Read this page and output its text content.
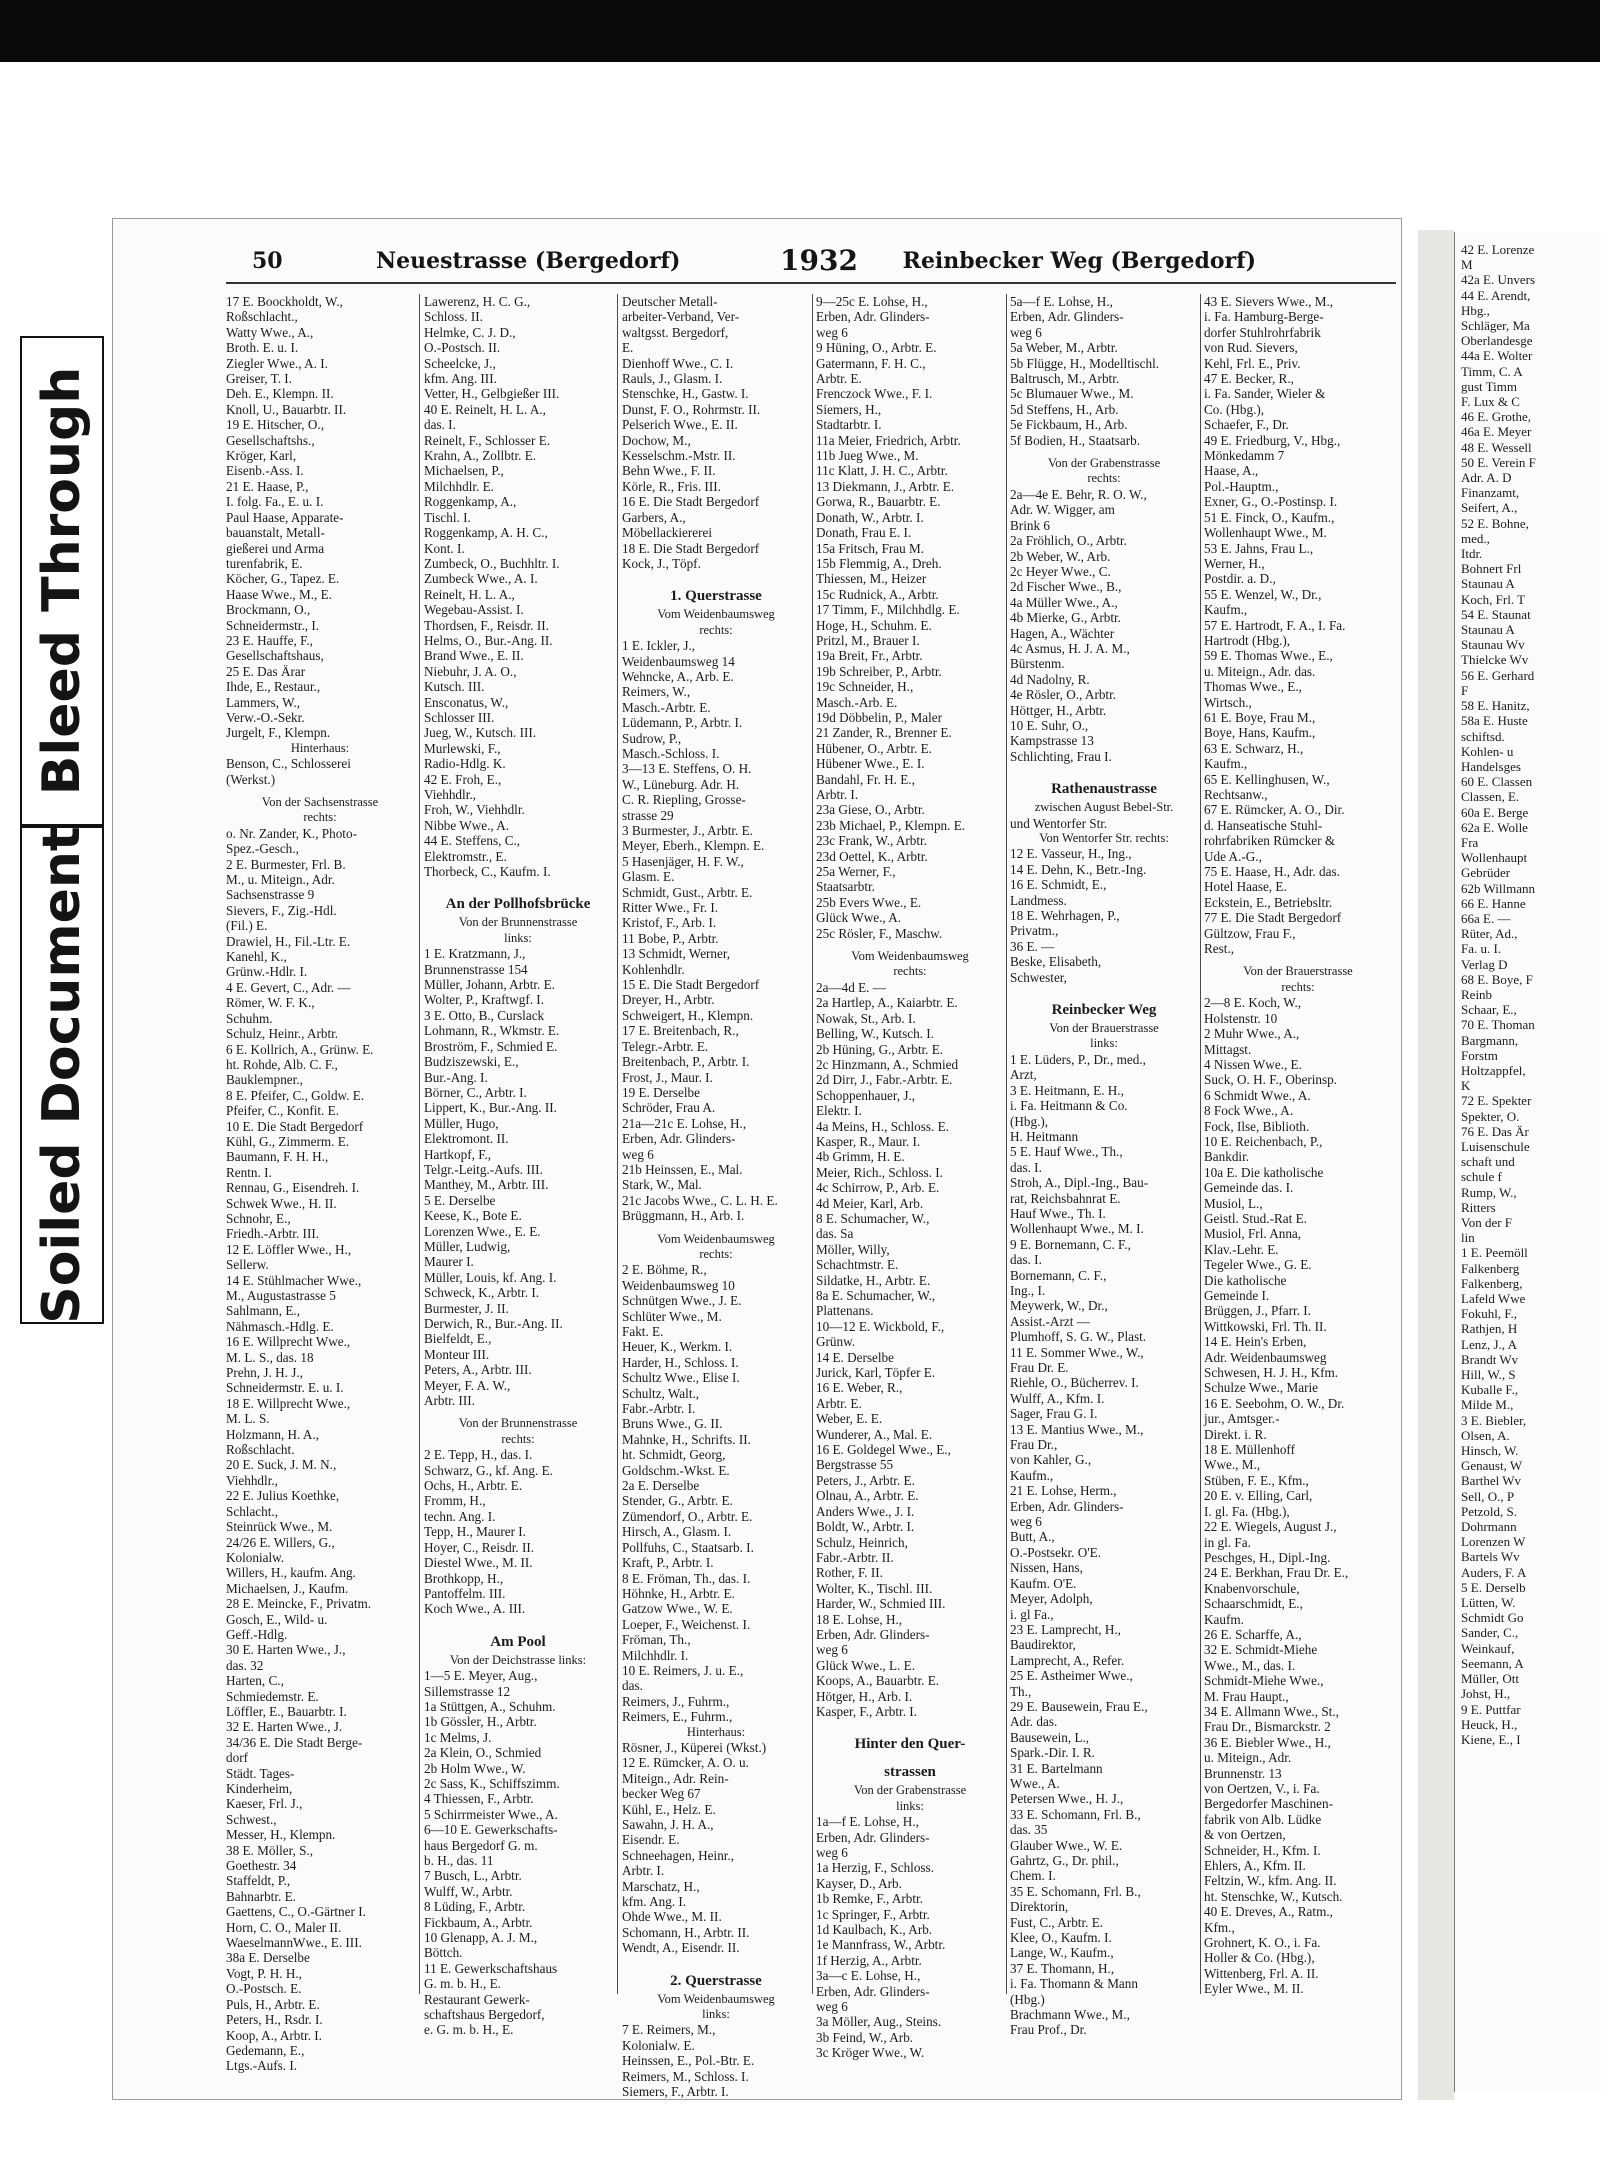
Bleed Through
Soiled Document
50	Neuestrasse (Bergedorf)	1932 Reinbecker Weg (Bergedorf)
17 E. Boockholdt, W.,
Roßschlacht.,
Watty Wwe., A.,
Broth. E. u. I.
Ziegler Wwe., A. I.
Greiser, T. I.
Deh. E., Klempn. II.
Knoll, U., Bauarbtr. II.
19 E. Hitscher, O.,
Gesellschaftshs.,
Kröger, Karl,
Eisenb.-Ass. I.
21 E. Haase, P.,
I. folg. Fa., E. u. I.
Paul Haase, Apparate-
bauanstalt, Metall-
gießerei und Arma
turenfabrik, E.
Köcher, G., Tapez. E.
Haase Wwe., M., E.
Brockmann, O.,
Schneidermstr., I.
23 E. Hauffe, F.,
Gesellschaftshaus,
25 E. Das Ärar
Ihde, E., Restaur.,
Lammers, W.,
Verw.-O.-Sekr.
Jurgelt, F., Klempn.
Hinterhaus:
Benson, C., Schlosserei
(Werkst.)
Von der Sachsenstrasse
rechts:
o. Nr. Zander, K., Photo-
Spez.-Gesch.,
2 E. Burmester, Frl. B.
M., u. Miteign., Adr.
Sachsenstrasse 9
Sievers, F., Zig.-Hdl.
(Fil.) E.
Drawiel, H., Fil.-Ltr. E.
Kanehl, K.,
Grünw.-Hdlr. I.
4 E. Gevert, C., Adr. —
Römer, W. F. K.,
Schuhm.
Schulz, Heinr., Arbtr.
6 E. Kollrich, A., Grünw. E.
ht. Rohde, Alb. C. F.,
Bauklempner.,
8 E. Pfeifer, C., Goldw. E.
Pfeifer, C., Konfit. E.
10 E. Die Stadt Bergedorf
Kühl, G., Zimmerm. E.
Baumann, F. H. H.,
Rentn. I.
Rennau, G., Eisendreh. I.
Schwek Wwe., H. II.
Schnohr, E.,
Friedh.-Arbtr. III.
12 E. Löffler Wwe., H.,
Sellerw.
14 E. Stühlmacher Wwe.,
M., Augustastrasse 5
Sahlmann, E.,
Nähmasch.-Hdlg. E.
16 E. Willprecht Wwe.,
M. L. S., das. 18
Prehn, J. H. J.,
Schneidermstr. E. u. I.
18 E. Willprecht Wwe.,
M. L. S.
Holzmann, H. A.,
Roßschlacht.
20 E. Suck, J. M. N.,
Viehhdlr.,
22 E. Julius Koethke,
Schlacht.,
Steinrück Wwe., M.
24/26 E. Willers, G.,
Kolonialw.
Willers, H., kaufm. Ang.
Michaelsen, J., Kaufm.
28 E. Meincke, F., Privatm.
Gosch, E., Wild- u.
Geff.-Hdlg.
30 E. Harten Wwe., J.,
das. 32
Harten, C.,
Schmiedemstr. E.
Löffler, E., Bauarbtr. I.
32 E. Harten Wwe., J.
34/36 E. Die Stadt Berge-
dorf
Städt. Tages-
Kinderheim,
Kaeser, Frl. J.,
Schwest.,
Messer, H., Klempn.
38 E. Möller, S.,
Goethestr. 34
Staffeldt, P.,
Bahnarbtr. E.
Gaettens, C., O.-Gärtner I.
Horn, C. O., Maler II.
WaeselmannWwe., E. III.
38a E. Derselbe
Vogt, P. H. H.,
O.-Postsch. E.
Puls, H., Arbtr. E.
Peters, H., Rsdr. I.
Koop, A., Arbtr. I.
Gedemann, E.,
Ltgs.-Aufs. I.
Lawerenz, H. C. G.,
Schloss. II.
Helmke, C. J. D.,
O.-Postsch. II.
Scheelcke, J.,
kfm. Ang. III.
Vetter, H., Gelbgießer III.
40 E. Reinelt, H. L. A.,
das. I.
Reinelt, F., Schlosser E.
Krahn, A., Zollbtr. E.
Michaelsen, P.,
Milchhdlr. E.
Roggenkamp, A.,
Tischl. I.
Roggenkamp, A. H. C.,
Kont. I.
Zumbeck, O., Buchhltr. I.
Zumbeck Wwe., A. I.
Reinelt, H. L. A.,
Wegebau-Assist. I.
Thordsen, F., Reisdr. II.
Helms, O., Bur.-Ang. II.
Brand Wwe., E. II.
Niebuhr, J. A. O.,
Kutsch. III.
Ensconatus, W.,
Schlosser III.
Jueg, W., Kutsch. III.
Murlewski, F.,
Radio-Hdlg. K.
42 E. Froh, E.,
Viehhdlr.,
Froh, W., Viehhdlr.
Nibbe Wwe., A.
44 E. Steffens, C.,
Elektromstr., E.
Thorbeck, C., Kaufm. I.
An der Pollhofsbrücke
Von der Brunnenstrasse
links:
1 E. Kratzmann, J.,
Brunnenstrasse 154
Müller, Johann, Arbtr. E.
Wolter, P., Kraftwgf. I.
3 E. Otto, B., Curslack
Lohmann, R., Wkmstr. E.
Broström, F., Schmied E.
Budziszewski, E.,
Bur.-Ang. I.
Börner, C., Arbtr. I.
Lippert, K., Bur.-Ang. II.
Müller, Hugo,
Elektromont. II.
Hartkopf, F.,
Telgr.-Leitg.-Aufs. III.
Manthey, M., Arbtr. III.
5 E. Derselbe
Keese, K., Bote E.
Lorenzen Wwe., E. E.
Müller, Ludwig,
Maurer I.
Müller, Louis, kf. Ang. I.
Schweck, K., Arbtr. I.
Burmester, J. II.
Derwich, R., Bur.-Ang. II.
Bielfeldt, E.,
Monteur III.
Peters, A., Arbtr. III.
Meyer, F. A. W.,
Arbtr. III.
Von der Brunnenstrasse
rechts:
2 E. Tepp, H., das. I.
Schwarz, G., kf. Ang. E.
Ochs, H., Arbtr. E.
Fromm, H.,
techn. Ang. I.
Tepp, H., Maurer I.
Hoyer, C., Reisdr. II.
Diestel Wwe., M. II.
Brothkopp, H.,
Pantoffelm. III.
Koch Wwe., A. III.
Am Pool
Von der Deichstrasse links:
1—5 E. Meyer, Aug.,
Sillemstrasse 12
1a Stüttgen, A., Schuhm.
1b Gössler, H., Arbtr.
1c Melms, J.
2a Klein, O., Schmied
2b Holm Wwe., W.
2c Sass, K., Schiffszimm.
4 Thiessen, F., Arbtr.
5 Schirrmeister Wwe., A.
6—10 E. Gewerkschafts-
haus Bergedorf G. m.
b. H., das. 11
7 Busch, L., Arbtr.
Wulff, W., Arbtr.
8 Lüding, F., Arbtr.
Fickbaum, A., Arbtr.
10 Glenapp, A. J. M.,
Böttch.
11 E. Gewerkschaftshaus
G. m. b. H., E.
Restaurant Gewerk-
schaftshaus Bergedorf,
e. G. m. b. H., E.
Deutscher Metall-
arbeiter-Verband, Ver-
waltgsst. Bergedorf,
E.
Dienhoff Wwe., C. I.
Rauls, J., Glasm. I.
Stenschke, H., Gastw. I.
Dunst, F. O., Rohrmstr. II.
Pelserich Wwe., E. II.
Dochow, M.,
Kesselschm.-Mstr. II.
Behn Wwe., F. II.
Körle, R., Fris. III.
16 E. Die Stadt Bergedorf
Garbers, A.,
Möbellackiererei
18 E. Die Stadt Bergedorf
Kock, J., Töpf.
1. Querstrasse
Vom Weidenbaumsweg
rechts:
1 E. Ickler, J.,
Weidenbaumsweg 14
Wehncke, A., Arb. E.
Reimers, W.,
Masch.-Arbtr. E.
Lüdemann, P., Arbtr. I.
Sudrow, P.,
Masch.-Schloss. I.
3—13 E. Steffens, O. H.
W., Lüneburg. Adr. H.
C. R. Riepling, Grosse-
strasse 29
3 Burmester, J., Arbtr. E.
Meyer, Eberh., Klempn. E.
5 Hasenjäger, H. F. W.,
Glasm. E.
Schmidt, Gust., Arbtr. E.
Ritter Wwe., Fr. I.
Kristof, F., Arb. I.
11 Bobe, P., Arbtr.
13 Schmidt, Werner,
Kohlenhdlr.
15 E. Die Stadt Bergedorf
Dreyer, H., Arbtr.
Schweigert, H., Klempn.
17 E. Breitenbach, R.,
Telegr.-Arbtr. E.
Breitenbach, P., Arbtr. I.
Frost, J., Maur. I.
19 E. Derselbe
Schröder, Frau A.
21a—21c E. Lohse, H.,
Erben, Adr. Glinders-
weg 6
21b Heinssen, E., Mal.
Stark, W., Mal.
21c Jacobs Wwe., C. L. H. E.
Brüggmann, H., Arb. I.
Vom Weidenbaumsweg
rechts:
2 E. Böhme, R.,
Weidenbaumsweg 10
Schnütgen Wwe., J. E.
Schlüter Wwe., M.
Fakt. E.
Heuer, K., Werkm. I.
Harder, H., Schloss. I.
Schultz Wwe., Elise I.
Schultz, Walt.,
Fabr.-Arbtr. I.
Bruns Wwe., G. II.
Mahnke, H., Schrifts. II.
ht. Schmidt, Georg,
Goldschm.-Wkst. E.
2a E. Derselbe
Stender, G., Arbtr. E.
Zümendorf, O., Arbtr. E.
Hirsch, A., Glasm. I.
Pollfuhs, C., Staatsarb. I.
Kraft, P., Arbtr. I.
8 E. Fröman, Th., das. I.
Höhnke, H., Arbtr. E.
Gatzow Wwe., W. E.
Loeper, F., Weichenst. I.
Fröman, Th.,
Milchhdlr. I.
10 E. Reimers, J. u. E.,
das.
Reimers, J., Fuhrm.,
Reimers, E., Fuhrm.,
Hinterhaus:
Rösner, J., Küperei (Wkst.)
12 E. Rümcker, A. O. u.
Miteign., Adr. Rein-
becker Weg 67
Kühl, E., Helz. E.
Sawahn, J. H. A.,
Eisendr. E.
Schneehagen, Heinr.,
Arbtr. I.
Marschatz, H.,
kfm. Ang. I.
Ohde Wwe., M. II.
Schomann, H., Arbtr. II.
Wendt, A., Eisendr. II.
2. Querstrasse
Vom Weidenbaumsweg
links:
7 E. Reimers, M.,
Kolonialw. E.
Heinssen, E., Pol.-Btr. E.
Reimers, M., Schloss. I.
Siemers, F., Arbtr. I.
9—25c E. Lohse, H.,
Erben, Adr. Glinders-
weg 6
9 Hüning, O., Arbtr. E.
Gatermann, F. H. C.,
Arbtr. E.
Frenczock Wwe., F. I.
Siemers, H.,
Stadtarbtr. I.
11a Meier, Friedrich, Arbtr.
11b Jueg Wwe., M.
11c Klatt, J. H. C., Arbtr.
13 Diekmann, J., Arbtr. E.
Gorwa, R., Bauarbtr. E.
Donath, W., Arbtr. I.
Donath, Frau E. I.
15a Fritsch, Frau M.
15b Flemmig, A., Dreh.
Thiessen, M., Heizer
15c Rudnick, A., Arbtr.
17 Timm, F., Milchhdlg. E.
Hoge, H., Schuhm. E.
Pritzl, M., Brauer I.
19a Breit, Fr., Arbtr.
19b Schreiber, P., Arbtr.
19c Schneider, H.,
Masch.-Arb. E.
19d Döbbelin, P., Maler
21 Zander, R., Brenner E.
Hübener, O., Arbtr. E.
Hübener Wwe., E. I.
Bandahl, Fr. H. E.,
Arbtr. I.
23a Giese, O., Arbtr.
23b Michael, P., Klempn. E.
23c Frank, W., Arbtr.
23d Oettel, K., Arbtr.
25a Werner, F.,
Staatsarbtr.
25b Evers Wwe., E.
Glück Wwe., A.
25c Rösler, F., Maschw.
Vom Weidenbaumsweg
rechts:
2a—4d E. —
2a Hartlep, A., Kaiarbtr. E.
Nowak, St., Arb. I.
Belling, W., Kutsch. I.
2b Hüning, G., Arbtr. E.
2c Hinzmann, A., Schmied
2d Dirr, J., Fabr.-Arbtr. E.
Schoppenhauer, J.,
Elektr. I.
4a Meins, H., Schloss. E.
Kasper, R., Maur. I.
4b Grimm, H. E.
Meier, Rich., Schloss. I.
4c Schirrow, P., Arb. E.
4d Meier, Karl, Arb.
8 E. Schumacher, W.,
das. Sa
Möller, Willy,
Schachtmstr. E.
Sildatke, H., Arbtr. E.
8a E. Schumacher, W.,
Plattenans.
10—12 E. Wickbold, F.,
Grünw.
14 E. Derselbe
Jurick, Karl, Töpfer E.
16 E. Weber, R.,
Arbtr. E.
Weber, E. E.
Wunderer, A., Mal. E.
16 E. Goldegel Wwe., E.,
Bergstrasse 55
Peters, J., Arbtr. E.
Olnau, A., Arbtr. E.
Anders Wwe., J. I.
Boldt, W., Arbtr. I.
Schulz, Heinrich,
Fabr.-Arbtr. II.
Rother, F. II.
Wolter, K., Tischl. III.
Harder, W., Schmied III.
18 E. Lohse, H.,
Erben, Adr. Glinders-
weg 6
Glück Wwe., L. E.
Koops, A., Bauarbtr. E.
Hötger, H., Arb. I.
Kasper, F., Arbtr. I.
Hinter den Quer-
strassen
Von der Grabenstrasse
links:
1a—f E. Lohse, H.,
Erben, Adr. Glinders-
weg 6
1a Herzig, F., Schloss.
Kayser, D., Arb.
1b Remke, F., Arbtr.
1c Springer, F., Arbtr.
1d Kaulbach, K., Arb.
1e Mannfrass, W., Arbtr.
1f Herzig, A., Arbtr.
3a—c E. Lohse, H.,
Erben, Adr. Glinders-
weg 6
3a Möller, Aug., Steins.
3b Feind, W., Arb.
3c Kröger Wwe., W.
5a—f E. Lohse, H.,
Erben, Adr. Glinders-
weg 6
5a Weber, M., Arbtr.
5b Flügge, H., Modelltischl.
Baltrusch, M., Arbtr.
5c Blumauer Wwe., M.
5d Steffens, H., Arb.
5e Fickbaum, H., Arb.
5f Bodien, H., Staatsarb.
Von der Grabenstrasse
rechts:
2a—4e E. Behr, R. O. W.,
Adr. W. Wigger, am
Brink 6
2a Fröhlich, O., Arbtr.
2b Weber, W., Arb.
2c Heyer Wwe., C.
2d Fischer Wwe., B.,
4a Müller Wwe., A.,
4b Mierke, G., Arbtr.
Hagen, A., Wächter
4c Asmus, H. J. A. M.,
Bürstenm.
4d Nadolny, R.
4e Rösler, O., Arbtr.
Höttger, H., Arbtr.
10 E. Suhr, O.,
Kampstrasse 13
Schlichting, Frau I.
Rathenaustrasse
zwischen August Bebel-Str.
und Wentorfer Str.
Von Wentorfer Str. rechts:
12 E. Vasseur, H., Ing.,
14 E. Dehn, K., Betr.-Ing.
16 E. Schmidt, E.,
Landmess.
18 E. Wehrhagen, P.,
Privatm.,
36 E. —
Beske, Elisabeth,
Schwester,
Reinbecker Weg
Von der Brauerstrasse
links:
1 E. Lüders, P., Dr., med.,
Arzt,
3 E. Heitmann, E. H.,
i. Fa. Heitmann & Co.
(Hbg.),
H. Heitmann
5 E. Hauf Wwe., Th.,
das. I.
Stroh, A., Dipl.-Ing., Bau-
rat, Reichsbahnrat E.
Hauf Wwe., Th. I.
Wollenhaupt Wwe., M. I.
9 E. Bornemann, C. F.,
das. I.
Bornemann, C. F.,
Ing., I.
Meywerk, W., Dr.,
Assist.-Arzt —
Plumhoff, S. G. W., Plast.
11 E. Sommer Wwe., W.,
Frau Dr. E.
Riehle, O., Bücherrev. I.
Wulff, A., Kfm. I.
Sager, Frau G. I.
13 E. Mantius Wwe., M.,
Frau Dr.,
von Kahler, G.,
Kaufm.,
21 E. Lohse, Herm.,
Erben, Adr. Glinders-
weg 6
Butt, A.,
O.-Postsekr. O'E.
Nissen, Hans,
Kaufm. O'E.
Meyer, Adolph,
i. gl Fa.,
23 E. Lamprecht, H.,
Baudirektor,
Lamprecht, A., Refer.
25 E. Astheimer Wwe.,
Th.,
29 E. Bausewein, Frau E.,
Adr. das.
Bausewein, L.,
Spark.-Dir. I. R.
31 E. Bartelmann
Wwe., A.
Petersen Wwe., H. J.,
33 E. Schomann, Frl. B.,
das. 35
Glauber Wwe., W. E.
Gahrtz, G., Dr. phil.,
Chem. I.
35 E. Schomann, Frl. B.,
Direktorin,
Fust, C., Arbtr. E.
Klee, O., Kaufm. I.
Lange, W., Kaufm.,
37 E. Thomann, H.,
i. Fa. Thomann & Mann
(Hbg.)
Brachmann Wwe., M.,
Frau Prof., Dr.
43 E. Sievers Wwe., M.,
i. Fa. Hamburg-Berge-
dorfer Stuhlrohrfabrik
von Rud. Sievers,
Kehl, Frl. E., Priv.
47 E. Becker, R.,
i. Fa. Sander, Wieler &
Co. (Hbg.),
Schaefer, F., Dr.
49 E. Friedburg, V., Hbg.,
Mönkedamm 7
Haase, A.,
Pol.-Hauptm.,
Exner, G., O.-Postinsp. I.
51 E. Finck, O., Kaufm.,
Wollenhaupt Wwe., M.
53 E. Jahns, Frau L.,
Werner, H.,
Postdir. a. D.,
55 E. Wenzel, W., Dr.,
Kaufm.,
57 E. Hartrodt, F. A., I. Fa.
Hartrodt (Hbg.),
59 E. Thomas Wwe., E.,
u. Miteign., Adr. das.
Thomas Wwe., E.,
Wirtsch.,
61 E. Boye, Frau M.,
Boye, Hans, Kaufm.,
63 E. Schwarz, H.,
Kaufm.,
65 E. Kellinghusen, W.,
Rechtsanw.,
67 E. Rümcker, A. O., Dir.
d. Hanseatische Stuhl-
rohrfabriken Rümcker &
Ude A.-G.,
75 E. Haase, H., Adr. das.
Hotel Haase, E.
Eckstein, E., Betriebsltr.
77 E. Die Stadt Bergedorf
Gültzow, Frau F.,
Rest.,
Von der Brauerstrasse
rechts:
2—8 E. Koch, W.,
Holstenstr. 10
2 Muhr Wwe., A.,
Mittagst.
4 Nissen Wwe., E.
Suck, O. H. F., Oberinsp.
6 Schmidt Wwe., A.
8 Fock Wwe., A.
Fock, Ilse, Biblioth.
10 E. Reichenbach, P.,
Bankdir.
10a E. Die katholische
Gemeinde das. I.
Musiol, L.,
Geistl. Stud.-Rat E.
Musiol, Frl. Anna,
Klav.-Lehr. E.
Tegeler Wwe., G. E.
Die katholische
Gemeinde I.
Brüggen, J., Pfarr. I.
Wittkowski, Frl. Th. II.
14 E. Hein's Erben,
Adr. Weidenbaumsweg
Schwesen, H. J. H., Kfm.
Schulze Wwe., Marie
16 E. Seebohm, O. W., Dr.
jur., Amtsger.-
Direkt. i. R.
18 E. Müllenhoff
Wwe., M.,
Stüben, F. E., Kfm.,
20 E. v. Elling, Carl,
I. gl. Fa. (Hbg.),
22 E. Wiegels, August J.,
in gl. Fa.
Peschges, H., Dipl.-Ing.
24 E. Berkhan, Frau Dr. E.,
Knabenvorschule,
Schaarschmidt, E.,
Kaufm.
26 E. Scharffe, A.,
32 E. Schmidt-Miehe
Wwe., M., das. I.
Schmidt-Miehe Wwe.,
M. Frau Haupt.,
34 E. Allmann Wwe., St.,
Frau Dr., Bismarckstr. 2
36 E. Biebler Wwe., H.,
u. Miteign., Adr.
Brunnenstr. 13
von Oertzen, V., i. Fa.
Bergedorfer Maschinen-
fabrik von Alb. Lüdke
& von Oertzen,
Schneider, H., Kfm. I.
Ehlers, A., Kfm. II.
Feltzin, W., kfm. Ang. II.
ht. Stenschke, W., Kutsch.
40 E. Dreves, A., Ratm.,
Kfm.,
Grohnert, K. O., i. Fa.
Holler & Co. (Hbg.),
Wittenberg, Frl. A. II.
Eyler Wwe., M. II.
42 E. Lorenze
M
42a E. Unvers
44 E. Arendt,
Hbg.,
Schläger, Ma
Oberlandesge
44a E. Wolter
Timm, C. A
gust Timm
F. Lux & C
46 E. Grothe,
46a E. Meyer
48 E. Wessell
50 E. Verein F
Adr. A. D
Finanzamt,
Seifert, A.,
52 E. Bohne,
med.,
Itdr.
Bohnert Frl
Staunau A
Koch, Frl. T
54 E. Staunat
Staunau A
Staunau Wv
Thielcke Wv
56 E. Gerhard
F
58 E. Hanitz,
58a E. Huste
schiftsd.
Kohlen- u
Handelsges
60 E. Classen
Classen, E.
60a E. Berge
62a E. Wolle
Fra
Wollenhaupt
Gebrüder
62b Willmann
66 E. Hanne
66a E. —
Rüter, Ad.,
Fa. u. I.
Verlag D
68 E. Boye, F
Reinb
Schaar, E.,
70 E. Thoman
Bargmann,
Forstm
Holtzappfel,
K
72 E. Spekter
Spekter, O.
76 E. Das Är
Luisenschule
schaft und
schule f
Rump, W.,
Ritters
Von der F
lin
1 E. Peemöll
Falkenberg
Falkenberg,
Lafeld Wwe
Fokuhl, F.,
Rathjen, H
Lenz, J., A
Brandt Wv
Hill, W., S
Kuballe F.,
Milde M.,
3 E. Biebler,
Olsen, A.
Hinsch, W.
Genaust, W
Barthel Wv
Sell, O., P
Petzold, S.
Dohrmann
Lorenzen W
Bartels Wv
Auders, F. A
5 E. Derselb
Lütten, W.
Schmidt Go
Sander, C.,
Weinkauf,
Seemann, A
Müller, Ott
Johst, H.,
9 E. Puttfar
Heuck, H.,
Kiene, E., I
